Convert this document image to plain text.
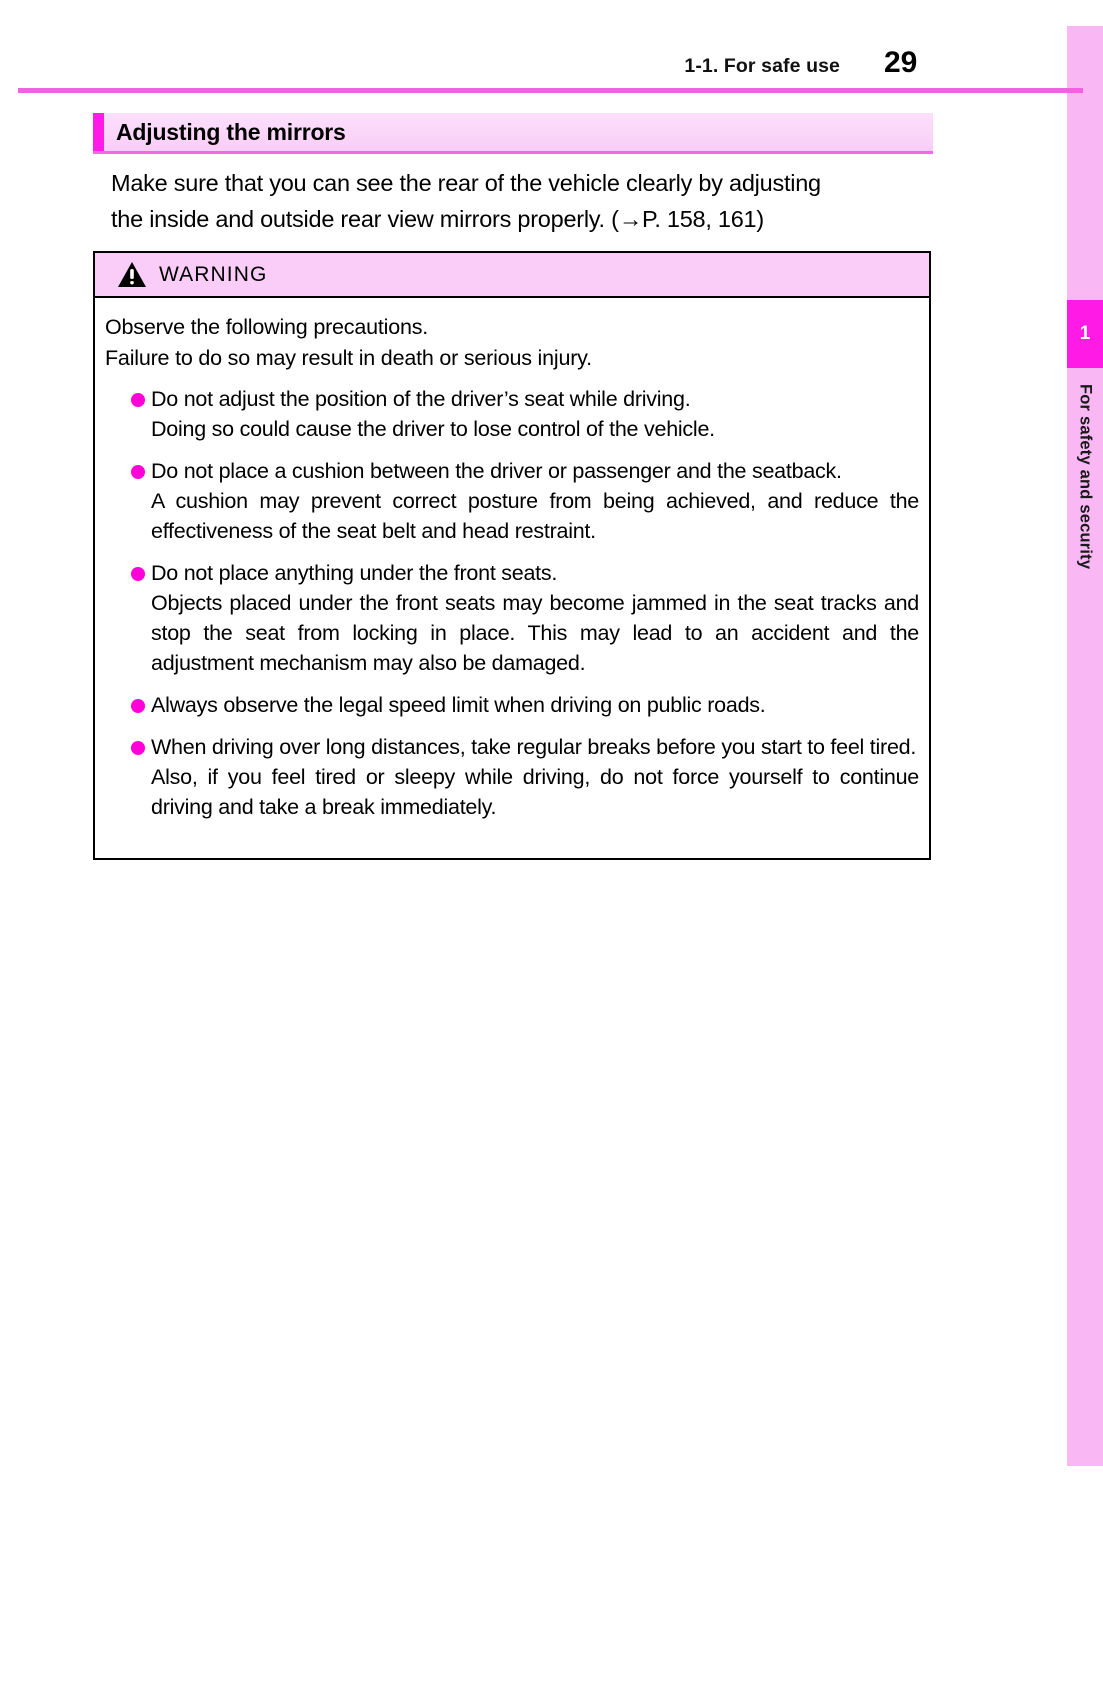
1
For safety and security
1-1. For safe use 29
Adjusting the mirrors
Make sure that you can see the rear of the vehicle clearly by adjusting
the inside and outside rear view mirrors properly. (→P. 158, 161)
WARNING
Observe the following precautions.
Failure to do so may result in death or serious injury.
Do not adjust the position of the driver’s seat while driving.
Doing so could cause the driver to lose control of the vehicle.
Do not place a cushion between the driver or passenger and the seatback.
A cushion may prevent correct posture from being achieved, and reduce the effectiveness of the seat belt and head restraint.
Do not place anything under the front seats.
Objects placed under the front seats may become jammed in the seat tracks and stop the seat from locking in place. This may lead to an accident and the adjustment mechanism may also be damaged.
Always observe the legal speed limit when driving on public roads.
When driving over long distances, take regular breaks before you start to feel tired.
Also, if you feel tired or sleepy while driving, do not force yourself to continue driving and take a break immediately.
